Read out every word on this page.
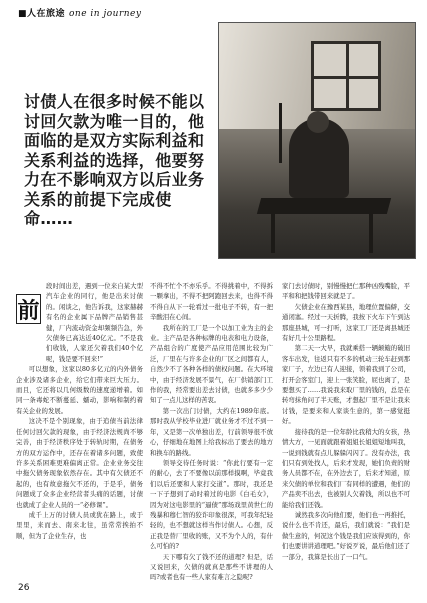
■人在旅途 one in journey
讨债人在很多时候不能以讨回欠款为唯一目的，他面临的是双方实际利益和关系利益的选择，他要努力在不影响双方以后业务关系的前提下完成使命……
前

段时间出差，遇到一位来自某大型汽车企业的同行，他是出来讨债的。闲谈之，他告诉我，这家赫赫有名的企业属下品牌产品销售甚健，厂内流动资金却频频告急，外欠债务已高达近40亿元。“不是我们收钱，人家还欠着我们40个亿呢，钱是要不回来!”

可以想象，这家以80多亿元的内外债务企业涉及诸多企业，给它们带来巨大压力。而且，它还将以几何级数的速度递增着。如同一条毒蛇不断蔓延、蠕动，影响和制约着有关企业的发展。

这决不是个别现象，由于追债当前法律任何讨回欠款的现象，由于经济法规尚不够完善，由于经济秩序处于转轨时期，在债务方的双方运作中，还存在着诸多问题，致使许多关系困难更难偏离正常。企业业务交往中拖欠债务现象依然存在。其中有欠债还不起的，也有故意拖欠不还的，于是乎，债务问题成了众多企业经营者头痛的话题，讨债也就成了企业人员的一“必修课”。

成千上万的讨债人员或犹在路上，或于里里，来而去、南来北往，虽常常挨拍不顺，但为了企业生存，也

不得不忙个不亦乐乎。不得挑着中，不得拆一颗拿出，不得不把阿跑回去来，也得不得不得自从下一轮看过一批电子不转，有一把辛酸泪在心间。

我所在的工厂是一个以加工业为主的企业。主产品是各种标牌的电表和电力设备，产品组合的广度使产品应用范围比较为广泛，厂里在与许多企业的厂区之间都有人，自然少不了各种各样的债权问题。在大环境中，由于经济发展不景气，在厂供销部门工作的我，经常要出差去讨债，也就多多少少知了一点儿这样的苦衷。

第一次出门讨债，大约在1989年底。那时我从学校毕业进厂就业务才不过不到一年，又是第一次单独出差，行前领导很不放心，仔细地在地图上给我标出了要去的地方和换车的路线。

领导交待任务时说：“你此行要有一定的耐心，去了不要像以前那样摸啊，毕竟我们以后还要和人家打交道”。那时，我还是一下子想到了动时着过的电影《白毛女》，因为对这电影里的“逼债”那场戏里黄世仁的残暴和穆仁智的狡诈印象很深，可我年纪轻轻的，也不想就这样当作讨债人。心想，反正我是替厂里收的账，又不为个人的，有什么可怕的?

天下哪有欠了钱不还的道理? 但是，话又说回来，欠债的就真是那些不讲理的人吗?或者也有一些人家有难言之隐呢?

家门去讨债时，别慢慢把仁那种凶残嘴脸，平平和和把钱带回来就是了。

欠债企业在豫西某县，地理位置偏僻，交通闭塞。经过一天折腾，我按下火车下午到达那座县城，可一打听，这家工厂还是离县城还有好几十公里路程。

第二天一大早，我就乘搭一辆颠簸的破旧客车出发，往返只有不多的机动三轮车赶到那家厂子，左边已有人迎接，领着我到了公司，打开会客室门，迎上一张笑脸，屁也离了，是要想买了……我说我来取厂里的钱的，总是在转弯抹角问了半天账，才想起厂里不是让我来讨钱，是要来和人家谈生意的，第一感觉挺好。

接待我的是一位年龄比我稍大的女孩，热情大方，一见面就跟着姐姐长姐姐短地叫我，一说到钱就有点儿躲躲闪闪了。没有办法，我们只有到处找人，后来才发现，她们负责的财务人员都不在，在外边去了，后来才知道，原来欠债的单位和我们厂有同样的遭遇，他们的产品卖不出去，也被别人欠着钱，所以也不可能给我们还钱。

诚然我多次向他们要，他们也一再推托，说什么也不肯还，最后，我们就说：“我们是做生意的，何况这个钱是我们应该得到的，你们也要讲讲道理吧。”好说歹说，最后他们还了一部分，我算是长出了一口气。

26
